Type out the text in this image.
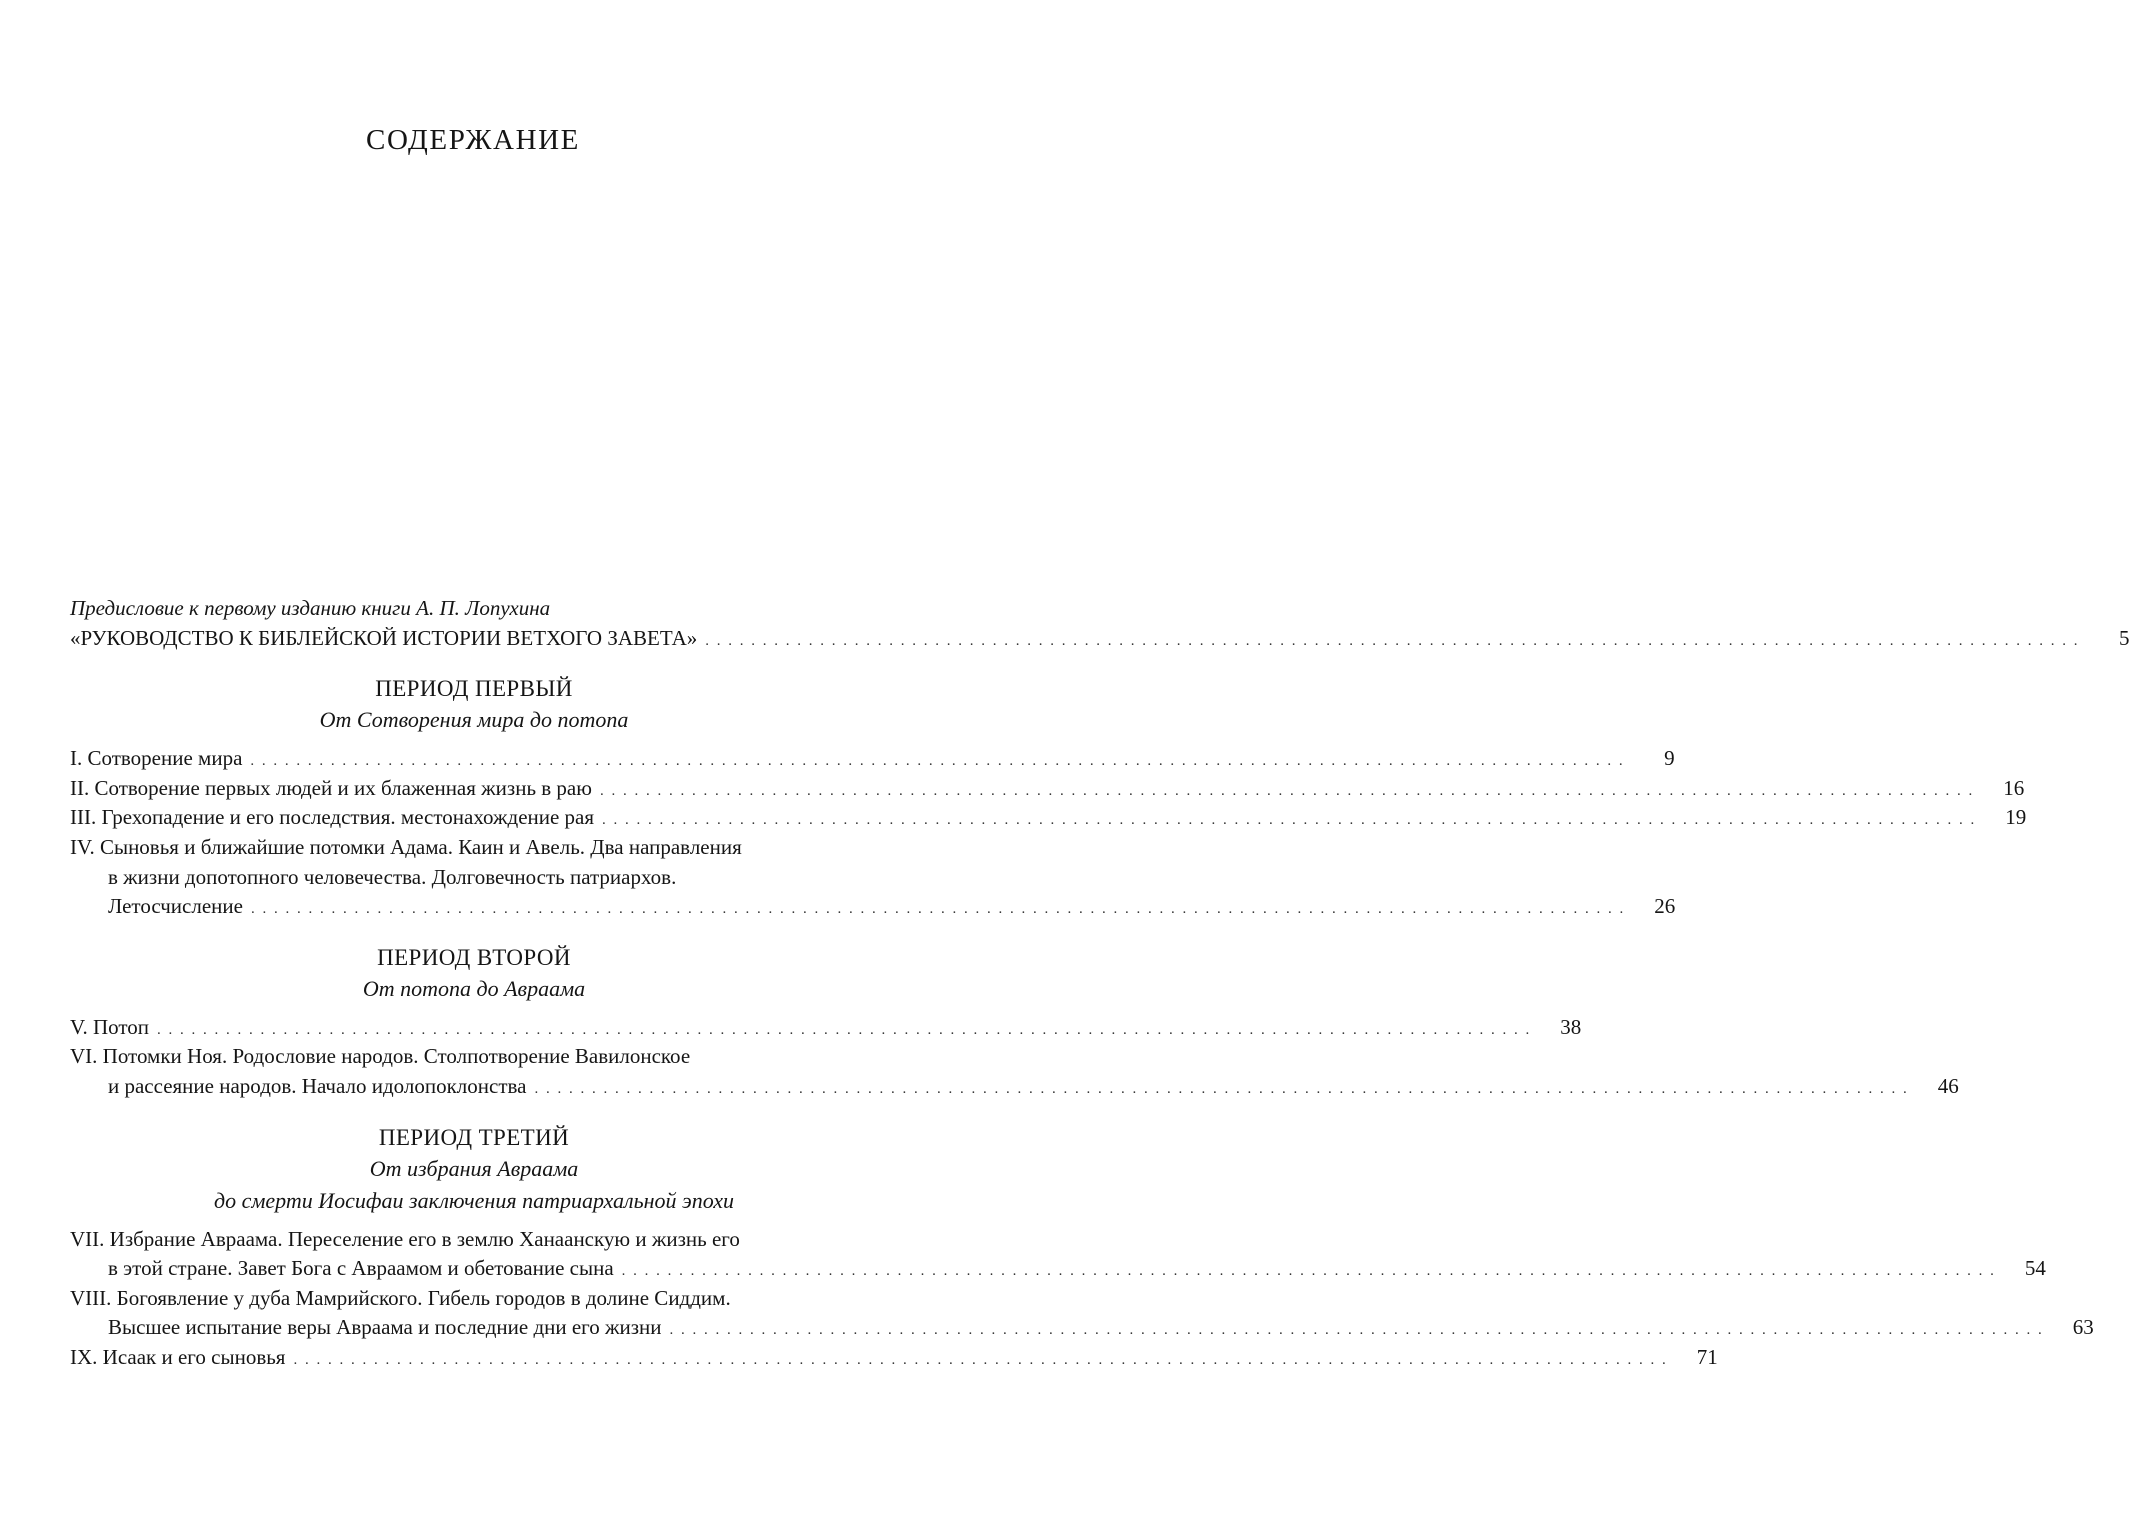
СОДЕРЖАНИЕ
Предисловие к первому изданию книги А. П. Лопухина
«РУКОВОДСТВО К БИБЛЕЙСКОЙ ИСТОРИИ ВЕТХОГО ЗАВЕТА» . . .	5
ПЕРИОД ПЕРВЫЙ
От Сотворения мира до потопа
I. Сотворение мира . . .	9
II. Сотворение первых людей и их блаженная жизнь в раю . . .	16
III. Грехопадение и его последствия. местонахождение рая . . .	19
IV. Сыновья и ближайшие потомки Адама. Каин и Авель. Два направления
в жизни допотопного человечества. Долговечность патриархов.
Летосчисление . . .	26
ПЕРИОД ВТОРОЙ
От потопа до Авраама
V. Потоп . . .	38
VI. Потомки Ноя. Родословие народов. Столпотворение Вавилонское
и рассеяние народов. Начало идолопоклонства . . .	46
ПЕРИОД ТРЕТИЙ
От избрания Авраама
до смерти Иосифаи заключения патриархальной эпохи
VII. Избрание Авраама. Переселение его в землю Ханаанскую и жизнь его
в этой стране. Завет Бога с Авраамом и обетование сына . . .	54
VIII. Богоявление у дуба Мамрийского. Гибель городов в долине Сиддим.
Высшее испытание веры Авраама и последние дни его жизни . . .	63
IX. Исаак и его сыновья . . .	71
